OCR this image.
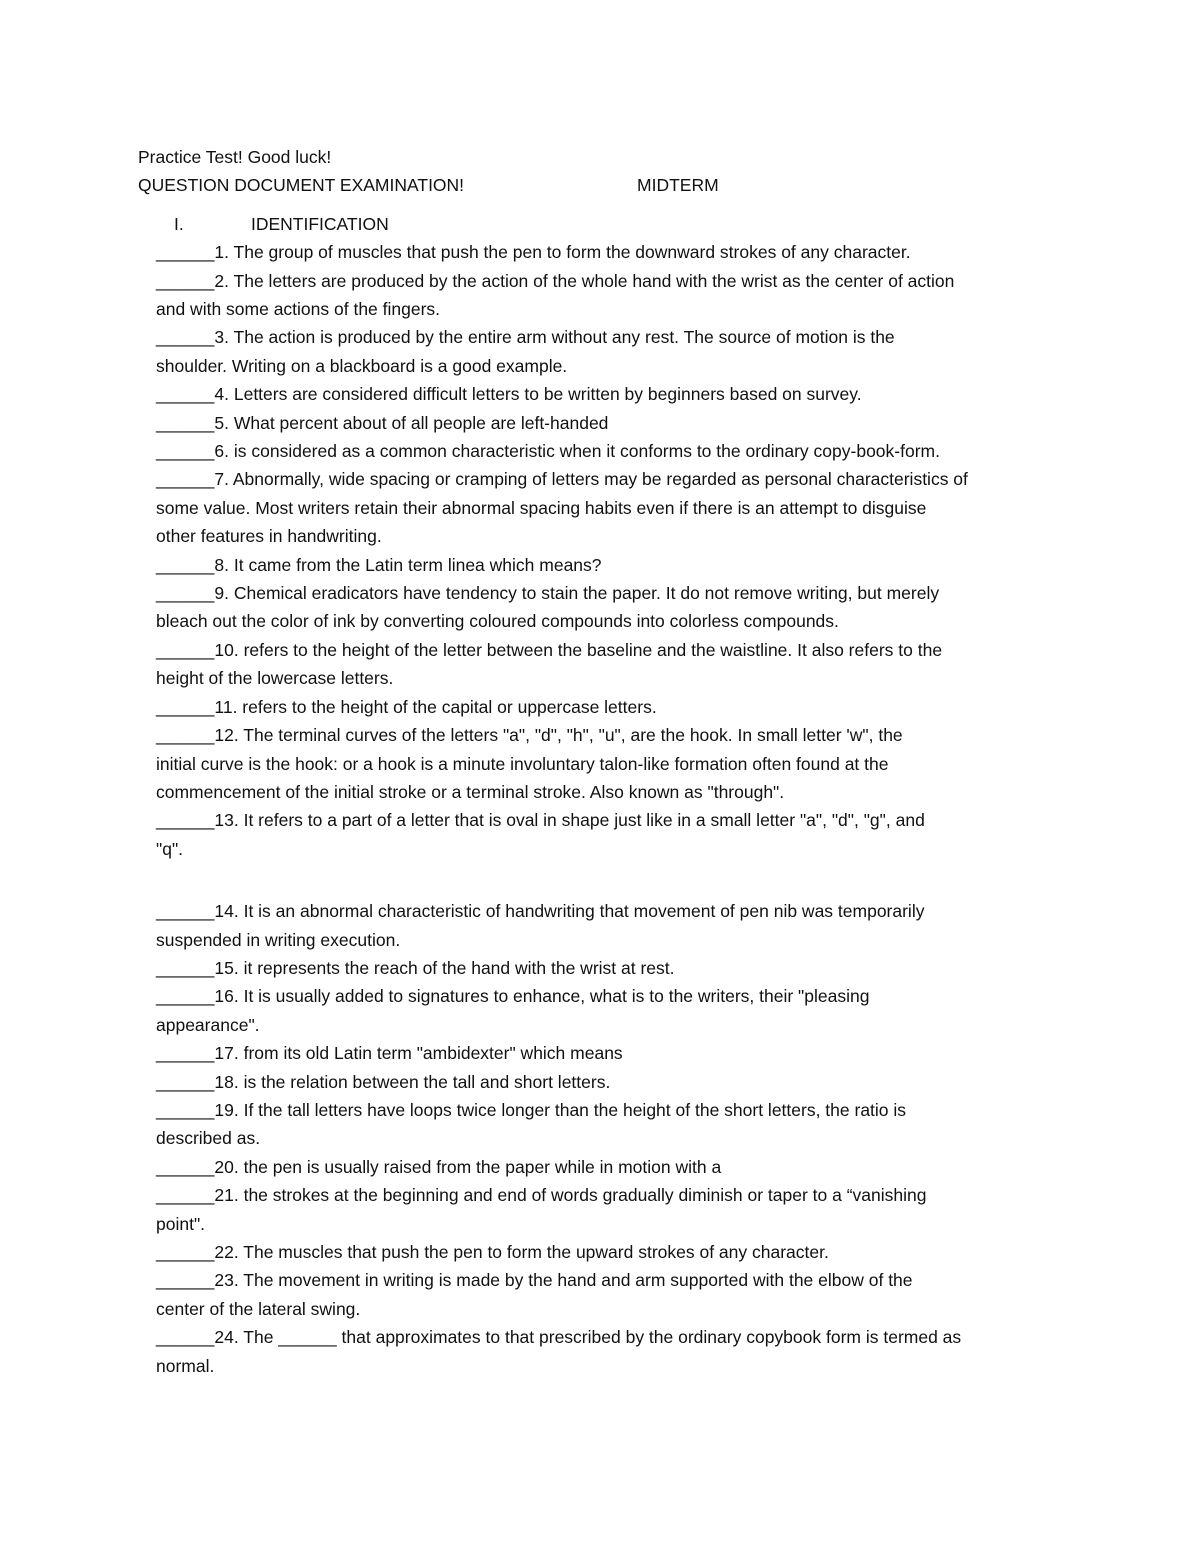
Practice Test! Good luck!
QUESTION DOCUMENT EXAMINATION!	MIDTERM
I.	IDENTIFICATION
______1. The group of muscles that push the pen to form the downward strokes of any character.
______2. The letters are produced by the action of the whole hand with the wrist as the center of action
and with some actions of the fingers.
______3. The action is produced by the entire arm without any rest. The source of motion is the
shoulder. Writing on a blackboard is a good example.
______4. Letters are considered difficult letters to be written by beginners based on survey.
______5. What percent about of all people are left-handed
______6. is considered as a common characteristic when it conforms to the ordinary copy-book-form.
______7. Abnormally, wide spacing or cramping of letters may be regarded as personal characteristics of
some value. Most writers retain their abnormal spacing habits even if there is an attempt to disguise
other features in handwriting.
______8. It came from the Latin term linea which means?
______9. Chemical eradicators have tendency to stain the paper. It do not remove writing, but merely
bleach out the color of ink by converting coloured compounds into colorless compounds.
______10. refers to the height of the letter between the baseline and the waistline. It also refers to the
height of the lowercase letters.
______11. refers to the height of the capital or uppercase letters.
______12. The terminal curves of the letters "a", "d", "h", "u", are the hook. In small letter 'w", the
initial curve is the hook: or a hook is a minute involuntary talon-like formation often found at the
commencement of the initial stroke or a terminal stroke. Also known as "through".
______13. It refers to a part of a letter that is oval in shape just like in a small letter "a", "d", "g", and
"q".
______14. It is an abnormal characteristic of handwriting that movement of pen nib was temporarily
suspended in writing execution.
______15. it represents the reach of the hand with the wrist at rest.
______16. It is usually added to signatures to enhance, what is to the writers, their "pleasing
appearance".
______17. from its old Latin term "ambidexter" which means
______18. is the relation between the tall and short letters.
______19. If the tall letters have loops twice longer than the height of the short letters, the ratio is
described as.
______20. the pen is usually raised from the paper while in motion with a
______21. the strokes at the beginning and end of words gradually diminish or taper to a “vanishing
point".
______22. The muscles that push the pen to form the upward strokes of any character.
______23. The movement in writing is made by the hand and arm supported with the elbow of the
center of the lateral swing.
______24. The ______ that approximates to that prescribed by the ordinary copybook form is termed as
normal.
